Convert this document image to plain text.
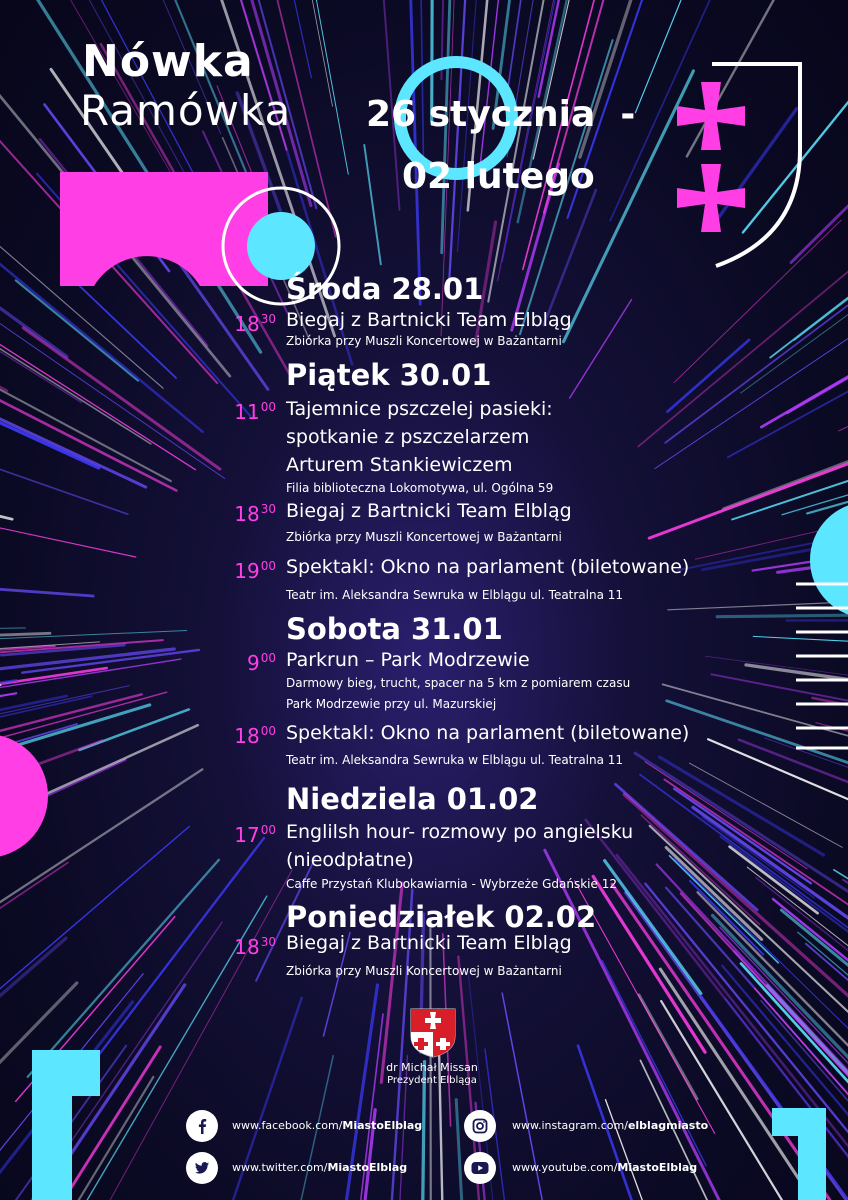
Nówka
Ramówka 26 stycznia  -
02 lutego
Środa 28.01
$18^{30}$ Biegaj z Bartnicki Team Elbląg
Zbiórka przy Muszli Koncertowej w Bażantarni
Piątek 30.01
$11^{00}$ Tajemnice pszczelej pasieki:
spotkanie z pszczelarzem
Arturem Stankiewiczem
Filia biblioteczna Lokomotywa, ul. Ogólna 59
$18^{30}$ Biegaj z Bartnicki Team Elbląg
Zbiórka przy Muszli Koncertowej w Bażantarni
$19^{00}$ Spektakl: Okno na parlament (biletowane)
Teatr im. Aleksandra Sewruka w Elblągu ul. Teatralna 11
Sobota 31.01
$9^{00}$ Parkrun – Park Modrzewie
Darmowy bieg, trucht, spacer na 5 km z pomiarem czasu
Park Modrzewie przy ul. Mazurskiej
$18^{00}$ Spektakl: Okno na parlament (biletowane)
Teatr im. Aleksandra Sewruka w Elblągu ul. Teatralna 11
Niedziela 01.02
$17^{00}$ Englilsh hour- rozmowy po angielsku
(nieodpłatne)
Caffe Przystań Klubokawiarnia - Wybrzeże Gdańskie 12
Poniedziałek 02.02
$18^{30}$ Biegaj z Bartnicki Team Elbląg
Zbiórka przy Muszli Koncertowej w Bażantarni
dr Michał Missan
Prezydent Elbląga
www.facebook.com/MiastoElblag	www.instagram.com/elblagmiasto
www.twitter.com/MiastoElblag	www.youtube.com/MiastoElblag
